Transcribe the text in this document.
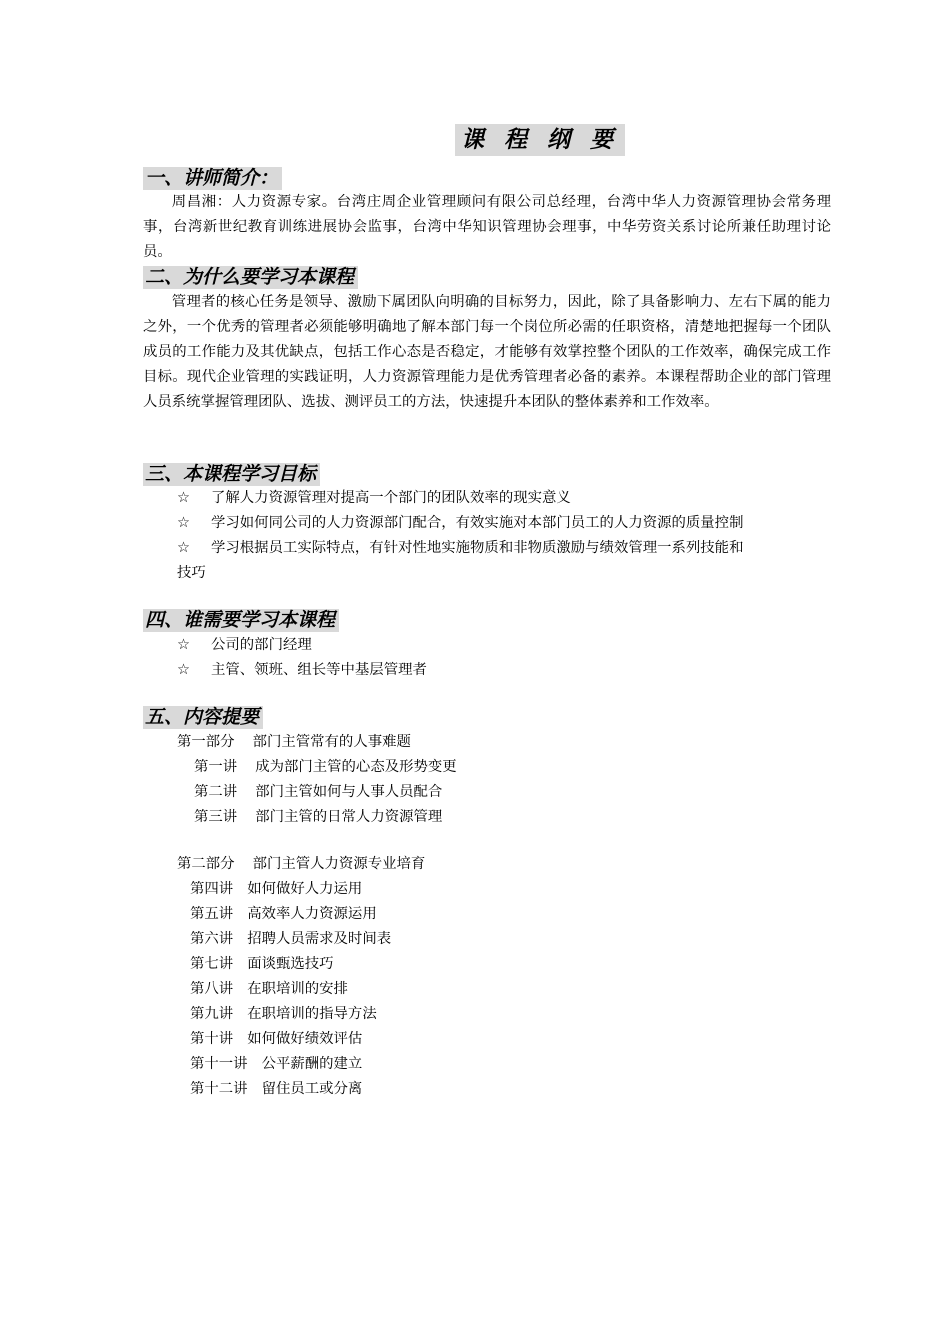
课 程 纲 要
一、讲师简介：
周昌湘：人力资源专家。台湾庄周企业管理顾问有限公司总经理，台湾中华人力资源管理协会常务理事，台湾新世纪教育训练进展协会监事，台湾中华知识管理协会理事，中华劳资关系讨论所兼任助理讨论员。
二、为什么要学习本课程
管理者的核心任务是领导、激励下属团队向明确的目标努力，因此，除了具备影响力、左右下属的能力之外，一个优秀的管理者必须能够明确地了解本部门每一个岗位所必需的任职资格，清楚地把握每一个团队成员的工作能力及其优缺点，包括工作心态是否稳定，才能够有效掌控整个团队的工作效率，确保完成工作目标。现代企业管理的实践证明，人力资源管理能力是优秀管理者必备的素养。本课程帮助企业的部门管理人员系统掌握管理团队、选拔、测评员工的方法，快速提升本团队的整体素养和工作效率。
三、本课程学习目标
☆ 了解人力资源管理对提高一个部门的团队效率的现实意义
☆ 学习如何同公司的人力资源部门配合，有效实施对本部门员工的人力资源的质量控制
☆ 学习根据员工实际特点，有针对性地实施物质和非物质激励与绩效管理一系列技能和
技巧
四、谁需要学习本课程
☆ 公司的部门经理
☆ 主管、领班、组长等中基层管理者
五、内容提要
第一部分 部门主管常有的人事难题
第一讲 成为部门主管的心态及形势变更
第二讲 部门主管如何与人事人员配合
第三讲 部门主管的日常人力资源管理
第二部分 部门主管人力资源专业培育
第四讲 如何做好人力运用
第五讲 高效率人力资源运用
第六讲 招聘人员需求及时间表
第七讲 面谈甄选技巧
第八讲 在职培训的安排
第九讲 在职培训的指导方法
第十讲 如何做好绩效评估
第十一讲 公平薪酬的建立
第十二讲 留住员工或分离
